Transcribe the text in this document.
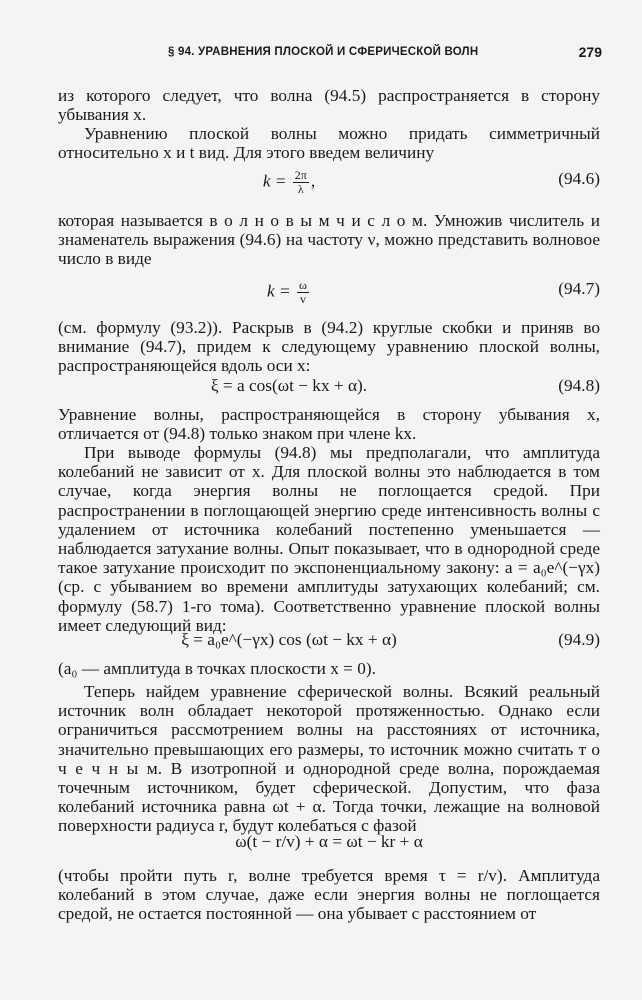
§ 94. УРАВНЕНИЯ ПЛОСКОЙ И СФЕРИЧЕСКОЙ ВОЛН	279

из которого следует, что волна (94.5) распространяется в сторону убывания x.

Уравнению плоской волны можно придать симметричный относительно x и t вид. Для этого введем величину

$k = \frac{2\pi}{\lambda}$ ,	(94.6)

которая называется в о л н о в ы м ч и с л о м. Умножив числитель и знаменатель выражения (94.6) на частоту ν, можно представить волновое число в виде

$k = \frac{\omega}{v}$	(94.7)

(см. формулу (93.2)). Раскрыв в (94.2) круглые скобки и приняв во внимание (94.7), придем к следующему уравнению плоской волны, распространяющейся вдоль оси x:

ξ = a cos(ωt − kx + α).	(94.8)

Уравнение волны, распространяющейся в сторону убывания x, отличается от (94.8) только знаком при члене kx.

При выводе формулы (94.8) мы предполагали, что амплитуда колебаний не зависит от x. Для плоской волны это наблюдается в том случае, когда энергия волны не поглощается средой. При распространении в поглощающей энергию среде интенсивность волны с удалением от источника колебаний постепенно уменьшается — наблюдается затухание волны. Опыт показывает, что в однородной среде такое затухание происходит по экспоненциальному закону: a = a₀e^(−γx) (ср. с убыванием во времени амплитуды затухающих колебаний; см. формулу (58.7) 1-го тома). Соответственно уравнение плоской волны имеет следующий вид:

ξ = a₀e^(−γx) cos (ωt − kx + α)	(94.9)

(a₀ — амплитуда в точках плоскости x = 0).

Теперь найдем уравнение сферической волны. Всякий реальный источник волн обладает некоторой протяженностью. Однако если ограничиться рассмотрением волны на расстояниях от источника, значительно превышающих его размеры, то источник можно считать т о ч е ч н ы м. В изотропной и однородной среде волна, порождаемая точечным источником, будет сферической. Допустим, что фаза колебаний источника равна ωt + α. Тогда точки, лежащие на волновой поверхности радиуса r, будут колебаться с фазой

ω(t − r/v) + α = ωt − kr + α

(чтобы пройти путь r, волне требуется время τ = r/v). Амплитуда колебаний в этом случае, даже если энергия волны не поглощается средой, не остается постоянной — она убывает с расстоянием от
